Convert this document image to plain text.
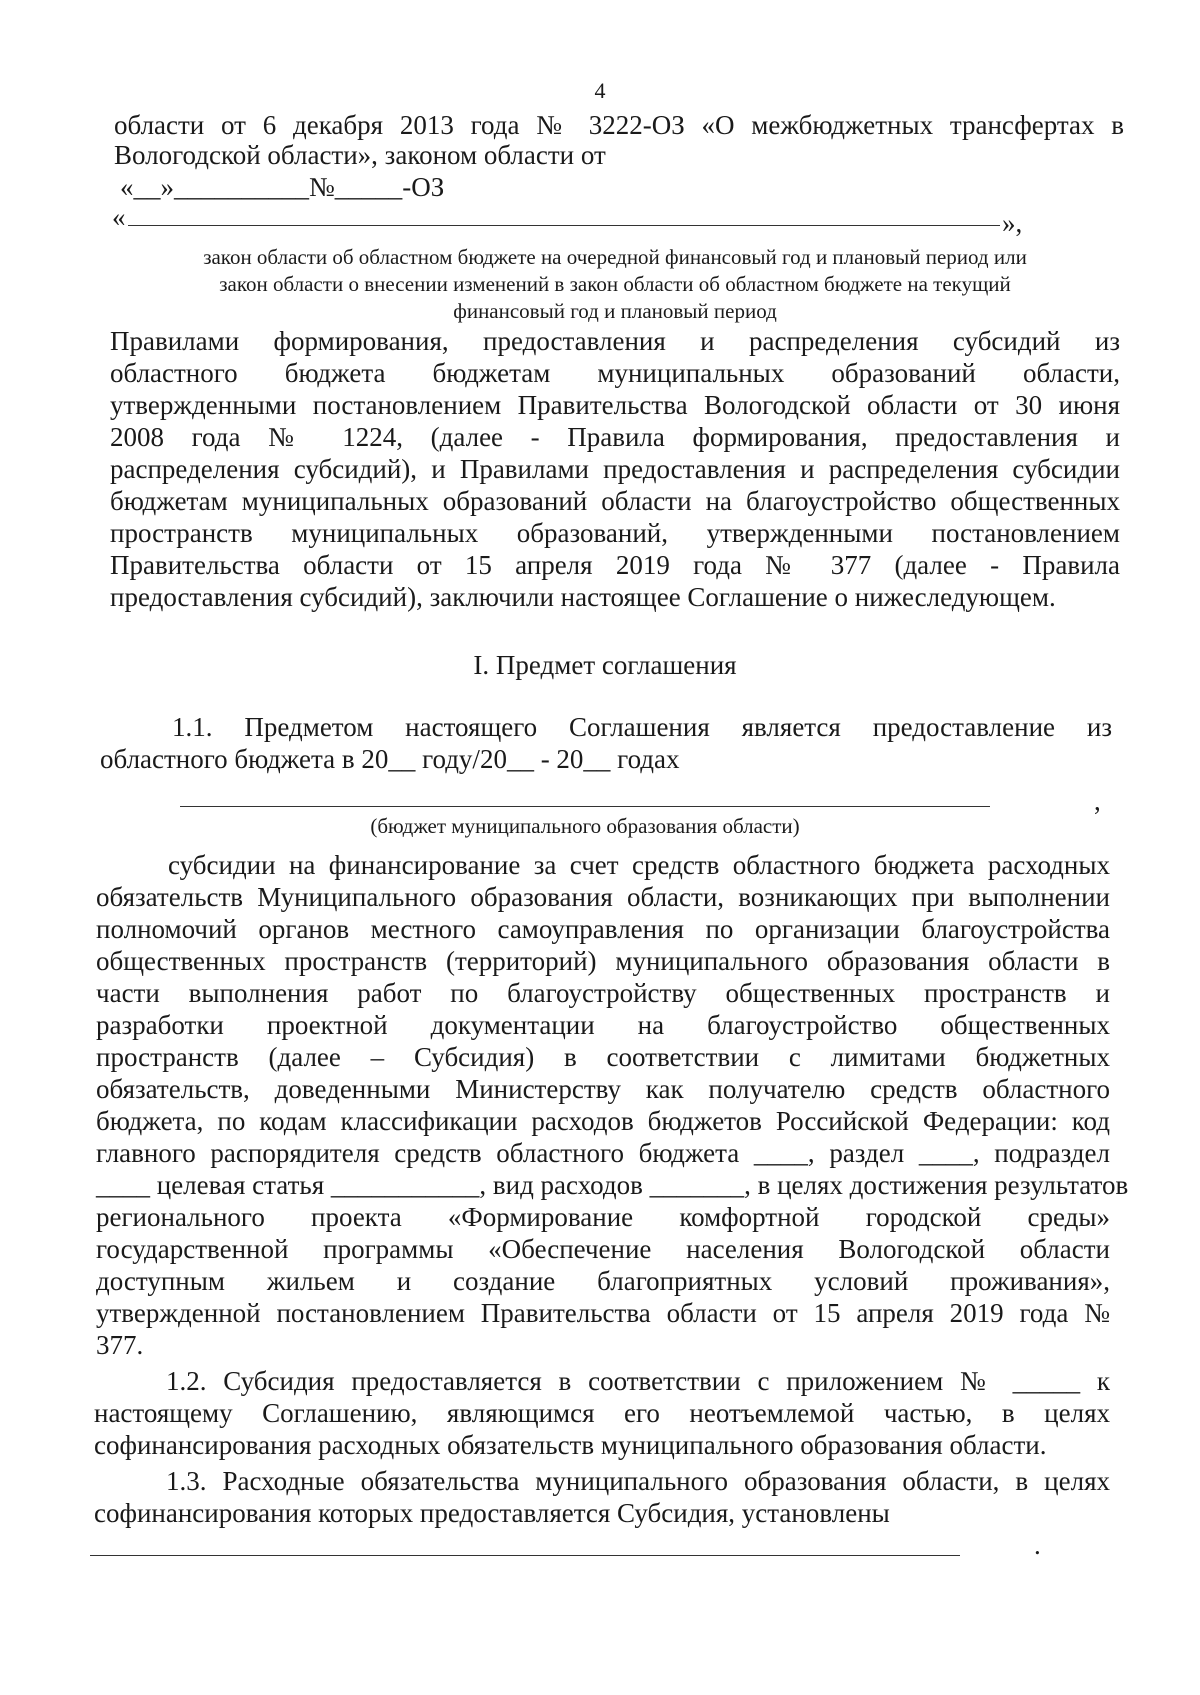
4
области от 6 декабря 2013 года № 3222-ОЗ «О межбюджетных трансфертах в
Вологодской области», законом области от
«__»__________№_____-ОЗ
«	»,
закон области об областном бюджете на очередной финансовый год и плановый период или
закон области о внесении изменений в закон области об областном бюджете на текущий
финансовый год и плановый период
Правилами формирования, предоставления и распределения субсидий из
областного бюджета бюджетам муниципальных образований области,
утвержденными постановлением Правительства Вологодской области от 30 июня
2008 года № 1224, (далее - Правила формирования, предоставления и
распределения субсидий), и Правилами предоставления и распределения субсидии
бюджетам муниципальных образований области на благоустройство общественных
пространств муниципальных образований, утвержденными постановлением
Правительства области от 15 апреля 2019 года № 377 (далее - Правила
предоставления субсидий), заключили настоящее Соглашение о нижеследующем.
I. Предмет соглашения
1.1. Предметом настоящего Соглашения является предоставление из
областного бюджета в 20__ году/20__ - 20__ годах
,
(бюджет муниципального образования области)
субсидии на финансирование за счет средств областного бюджета расходных
обязательств Муниципального образования области, возникающих при выполнении
полномочий органов местного самоуправления по организации благоустройства
общественных пространств (территорий) муниципального образования области в
части выполнения работ по благоустройству общественных пространств и
разработки проектной документации на благоустройство общественных
пространств (далее – Субсидия) в соответствии с лимитами бюджетных
обязательств, доведенными Министерству как получателю средств областного
бюджета, по кодам классификации расходов бюджетов Российской Федерации: код
главного распорядителя средств областного бюджета ____, раздел ____, подраздел
____ целевая статья ___________, вид расходов _______, в целях достижения результатов
регионального проекта «Формирование комфортной городской среды»
государственной программы «Обеспечение населения Вологодской области
доступным жильем и создание благоприятных условий проживания»,
утвержденной постановлением Правительства области от 15 апреля 2019 года №
377.
1.2. Субсидия предоставляется в соответствии с приложением № _____ к
настоящему Соглашению, являющимся его неотъемлемой частью, в целях
софинансирования расходных обязательств муниципального образования области.
1.3. Расходные обязательства муниципального образования области, в целях
софинансирования которых предоставляется Субсидия, установлены
.
